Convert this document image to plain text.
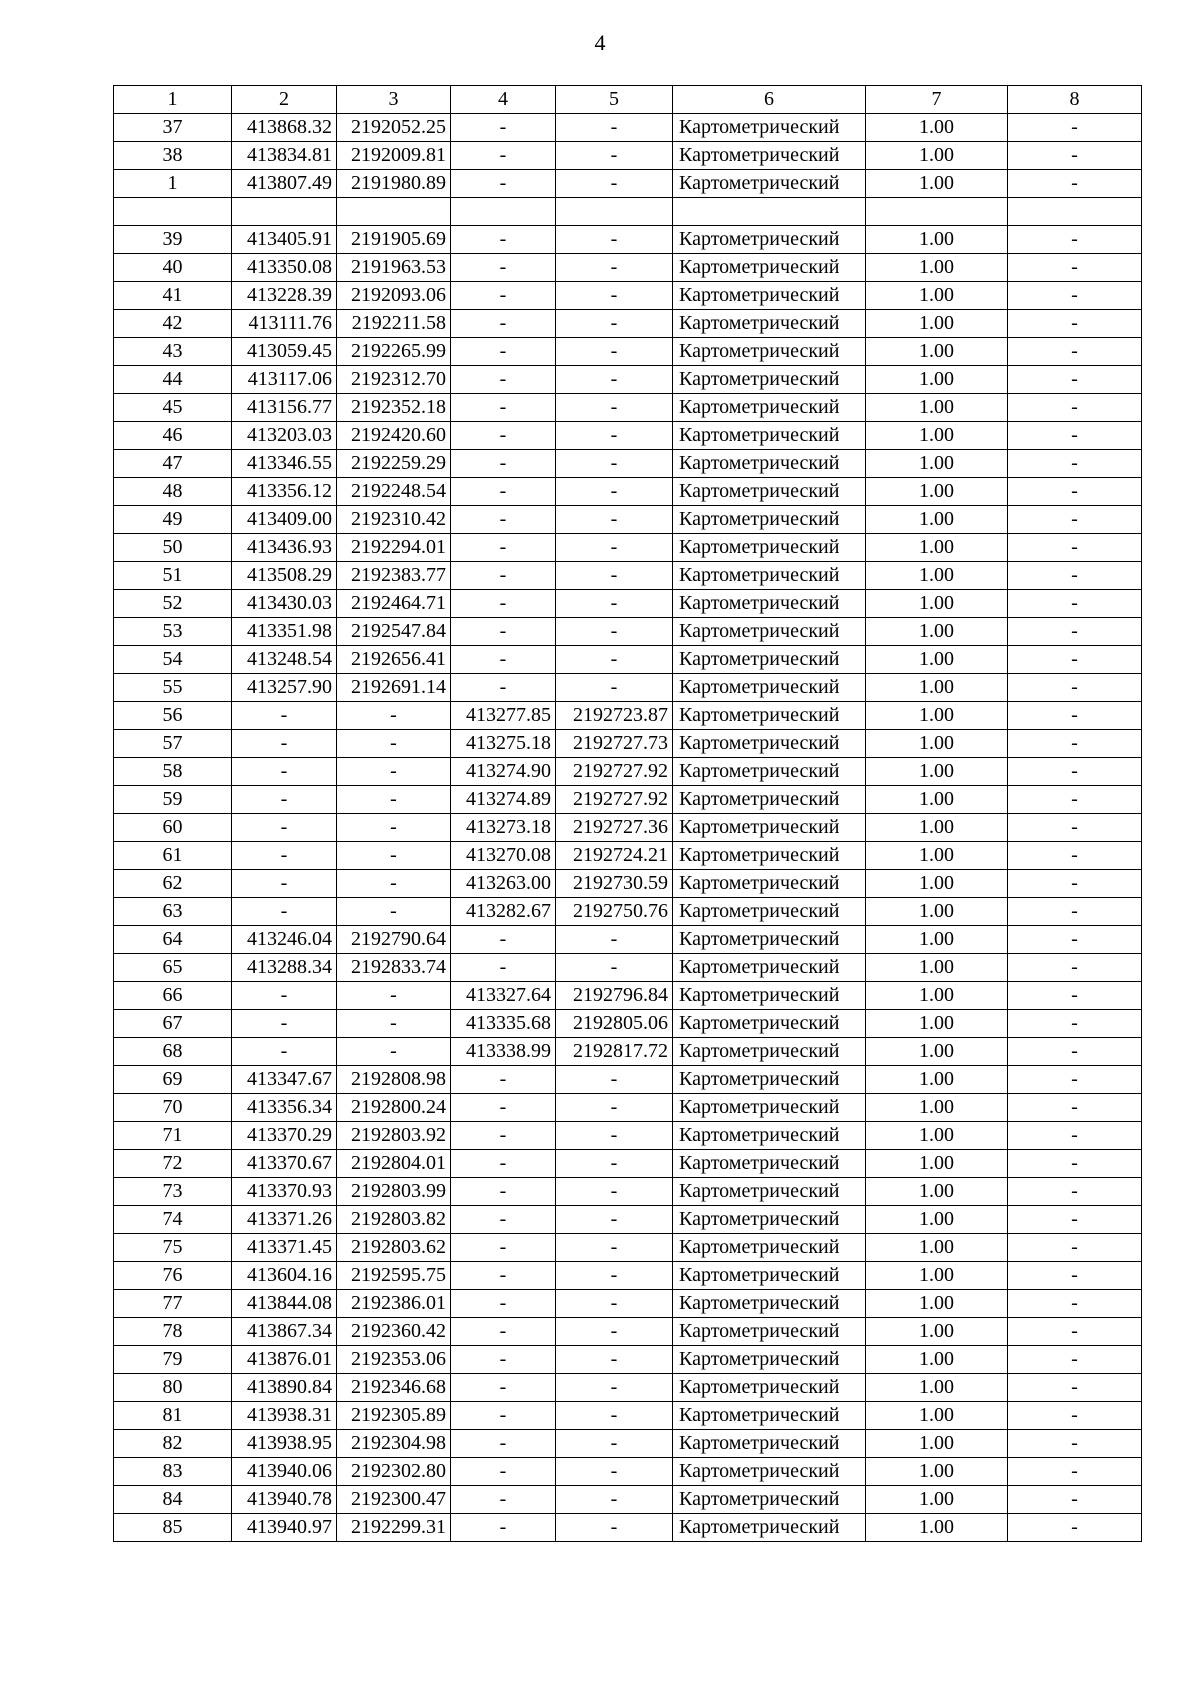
4
1	2	3	4	5	6	7	8
37	413868.32	2192052.25	-	-	Картометрический	1.00	-
38	413834.81	2192009.81	-	-	Картометрический	1.00	-
1	413807.49	2191980.89	-	-	Картометрический	1.00	-

39	413405.91	2191905.69	-	-	Картометрический	1.00	-
40	413350.08	2191963.53	-	-	Картометрический	1.00	-
41	413228.39	2192093.06	-	-	Картометрический	1.00	-
42	413111.76	2192211.58	-	-	Картометрический	1.00	-
43	413059.45	2192265.99	-	-	Картометрический	1.00	-
44	413117.06	2192312.70	-	-	Картометрический	1.00	-
45	413156.77	2192352.18	-	-	Картометрический	1.00	-
46	413203.03	2192420.60	-	-	Картометрический	1.00	-
47	413346.55	2192259.29	-	-	Картометрический	1.00	-
48	413356.12	2192248.54	-	-	Картометрический	1.00	-
49	413409.00	2192310.42	-	-	Картометрический	1.00	-
50	413436.93	2192294.01	-	-	Картометрический	1.00	-
51	413508.29	2192383.77	-	-	Картометрический	1.00	-
52	413430.03	2192464.71	-	-	Картометрический	1.00	-
53	413351.98	2192547.84	-	-	Картометрический	1.00	-
54	413248.54	2192656.41	-	-	Картометрический	1.00	-
55	413257.90	2192691.14	-	-	Картометрический	1.00	-
56	-	-	413277.85	2192723.87	Картометрический	1.00	-
57	-	-	413275.18	2192727.73	Картометрический	1.00	-
58	-	-	413274.90	2192727.92	Картометрический	1.00	-
59	-	-	413274.89	2192727.92	Картометрический	1.00	-
60	-	-	413273.18	2192727.36	Картометрический	1.00	-
61	-	-	413270.08	2192724.21	Картометрический	1.00	-
62	-	-	413263.00	2192730.59	Картометрический	1.00	-
63	-	-	413282.67	2192750.76	Картометрический	1.00	-
64	413246.04	2192790.64	-	-	Картометрический	1.00	-
65	413288.34	2192833.74	-	-	Картометрический	1.00	-
66	-	-	413327.64	2192796.84	Картометрический	1.00	-
67	-	-	413335.68	2192805.06	Картометрический	1.00	-
68	-	-	413338.99	2192817.72	Картометрический	1.00	-
69	413347.67	2192808.98	-	-	Картометрический	1.00	-
70	413356.34	2192800.24	-	-	Картометрический	1.00	-
71	413370.29	2192803.92	-	-	Картометрический	1.00	-
72	413370.67	2192804.01	-	-	Картометрический	1.00	-
73	413370.93	2192803.99	-	-	Картометрический	1.00	-
74	413371.26	2192803.82	-	-	Картометрический	1.00	-
75	413371.45	2192803.62	-	-	Картометрический	1.00	-
76	413604.16	2192595.75	-	-	Картометрический	1.00	-
77	413844.08	2192386.01	-	-	Картометрический	1.00	-
78	413867.34	2192360.42	-	-	Картометрический	1.00	-
79	413876.01	2192353.06	-	-	Картометрический	1.00	-
80	413890.84	2192346.68	-	-	Картометрический	1.00	-
81	413938.31	2192305.89	-	-	Картометрический	1.00	-
82	413938.95	2192304.98	-	-	Картометрический	1.00	-
83	413940.06	2192302.80	-	-	Картометрический	1.00	-
84	413940.78	2192300.47	-	-	Картометрический	1.00	-
85	413940.97	2192299.31	-	-	Картометрический	1.00	-
